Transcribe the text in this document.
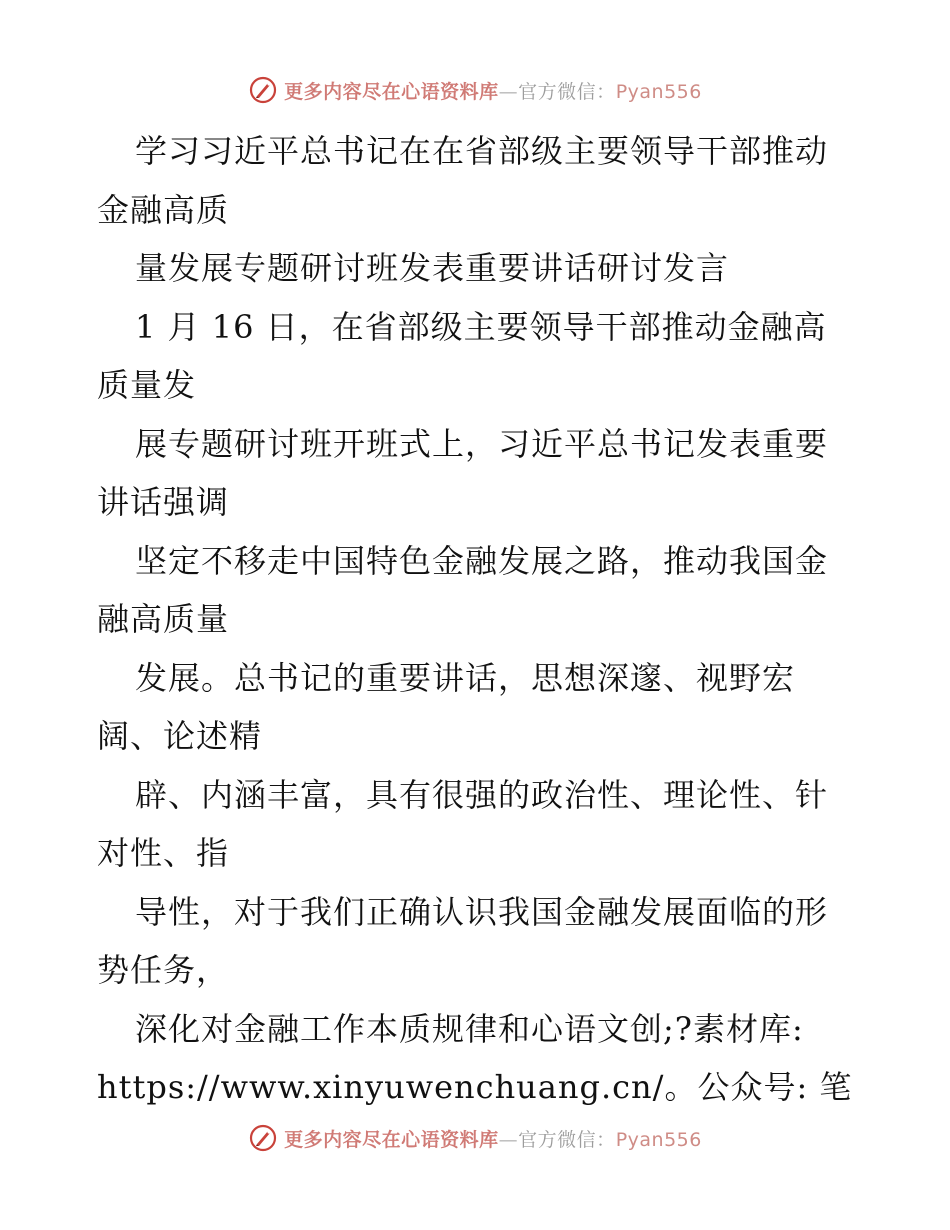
更多内容尽在心语资料库—官方微信：Pyan556

学习习近平总书记在在省部级主要领导干部推动

金融高质

量发展专题研讨班发表重要讲话研讨发言

1 月 16 日，在省部级主要领导干部推动金融高

质量发

展专题研讨班开班式上，习近平总书记发表重要

讲话强调

坚定不移走中国特色金融发展之路，推动我国金

融高质量

发展。总书记的重要讲话，思想深邃、视野宏

阔、论述精

辟、内涵丰富，具有很强的政治性、理论性、针

对性、指

导性，对于我们正确认识我国金融发展面临的形

势任务，

深化对金融工作本质规律和心语文创;?素材库:

https://www.xinyuwenchuang.cn/。公众号: 笔

更多内容尽在心语资料库—官方微信：Pyan556
